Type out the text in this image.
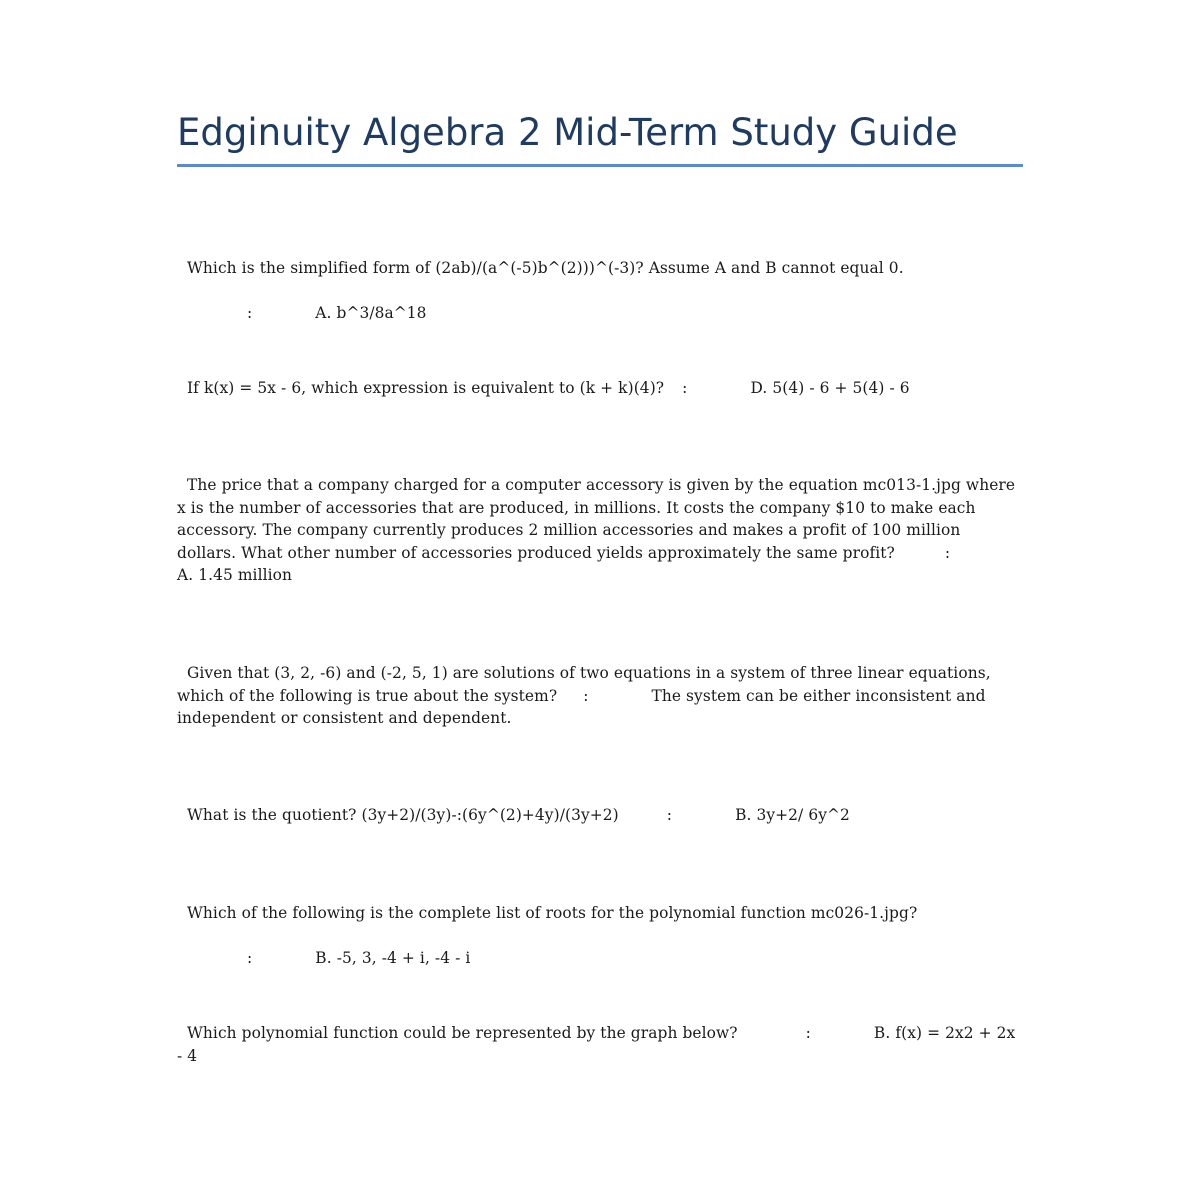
Edginuity Algebra 2 Mid-Term Study Guide

Which is the simplified form of (2ab)/(a^(-5)b^(2)))^(-3)? Assume A and B cannot equal 0.

:	A. b^3/8a^18

If k(x) = 5x - 6, which expression is equivalent to (k + k)(4)? :	D. 5(4) - 6 + 5(4) - 6

The price that a company charged for a computer accessory is given by the equation mc013-1.jpg where x is the number of accessories that are produced, in millions. It costs the company $10 to make each accessory. The company currently produces 2 million accessories and makes a profit of 100 million dollars. What other number of accessories produced yields approximately the same profit?	:A. 1.45 million

Given that (3, 2, -6) and (-2, 5, 1) are solutions of two equations in a system of three linear equations, which of the following is true about the system? :	The system can be either inconsistent and independent or consistent and dependent.

What is the quotient? (3y+2)/(3y)-:(6y^(2)+4y)/(3y+2)	:	B. 3y+2/ 6y^2

Which of the following is the complete list of roots for the polynomial function mc026-1.jpg?

:	B. -5, 3, -4 + i, -4 - i

Which polynomial function could be represented by the graph below?	:	B. f(x) = 2x2 + 2x - 4
